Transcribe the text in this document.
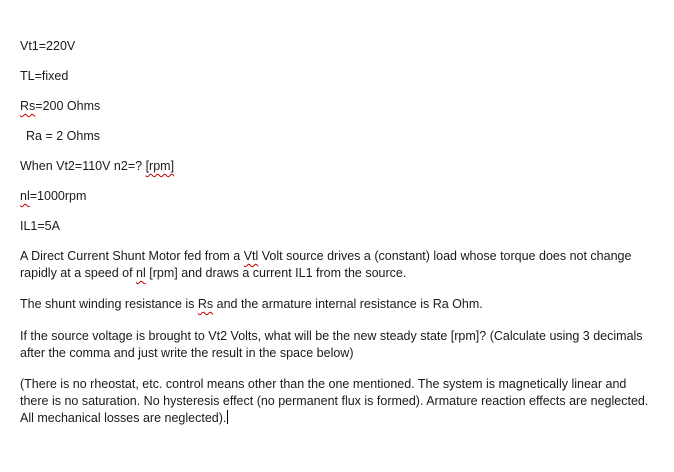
Vt1=220V
TL=fixed
Rs=200 Ohms
Ra = 2 Ohms
When Vt2=110V n2=? [rpm]
nl=1000rpm
IL1=5A
A Direct Current Shunt Motor fed from a Vtl Volt source drives a (constant) load whose torque does not change rapidly at a speed of nl [rpm] and draws a current IL1 from the source.
The shunt winding resistance is Rs and the armature internal resistance is Ra Ohm.
If the source voltage is brought to Vt2 Volts, what will be the new steady state [rpm]? (Calculate using 3 decimals after the comma and just write the result in the space below)
(There is no rheostat, etc. control means other than the one mentioned. The system is magnetically linear and there is no saturation. No hysteresis effect (no permanent flux is formed). Armature reaction effects are neglected. All mechanical losses are neglected).
